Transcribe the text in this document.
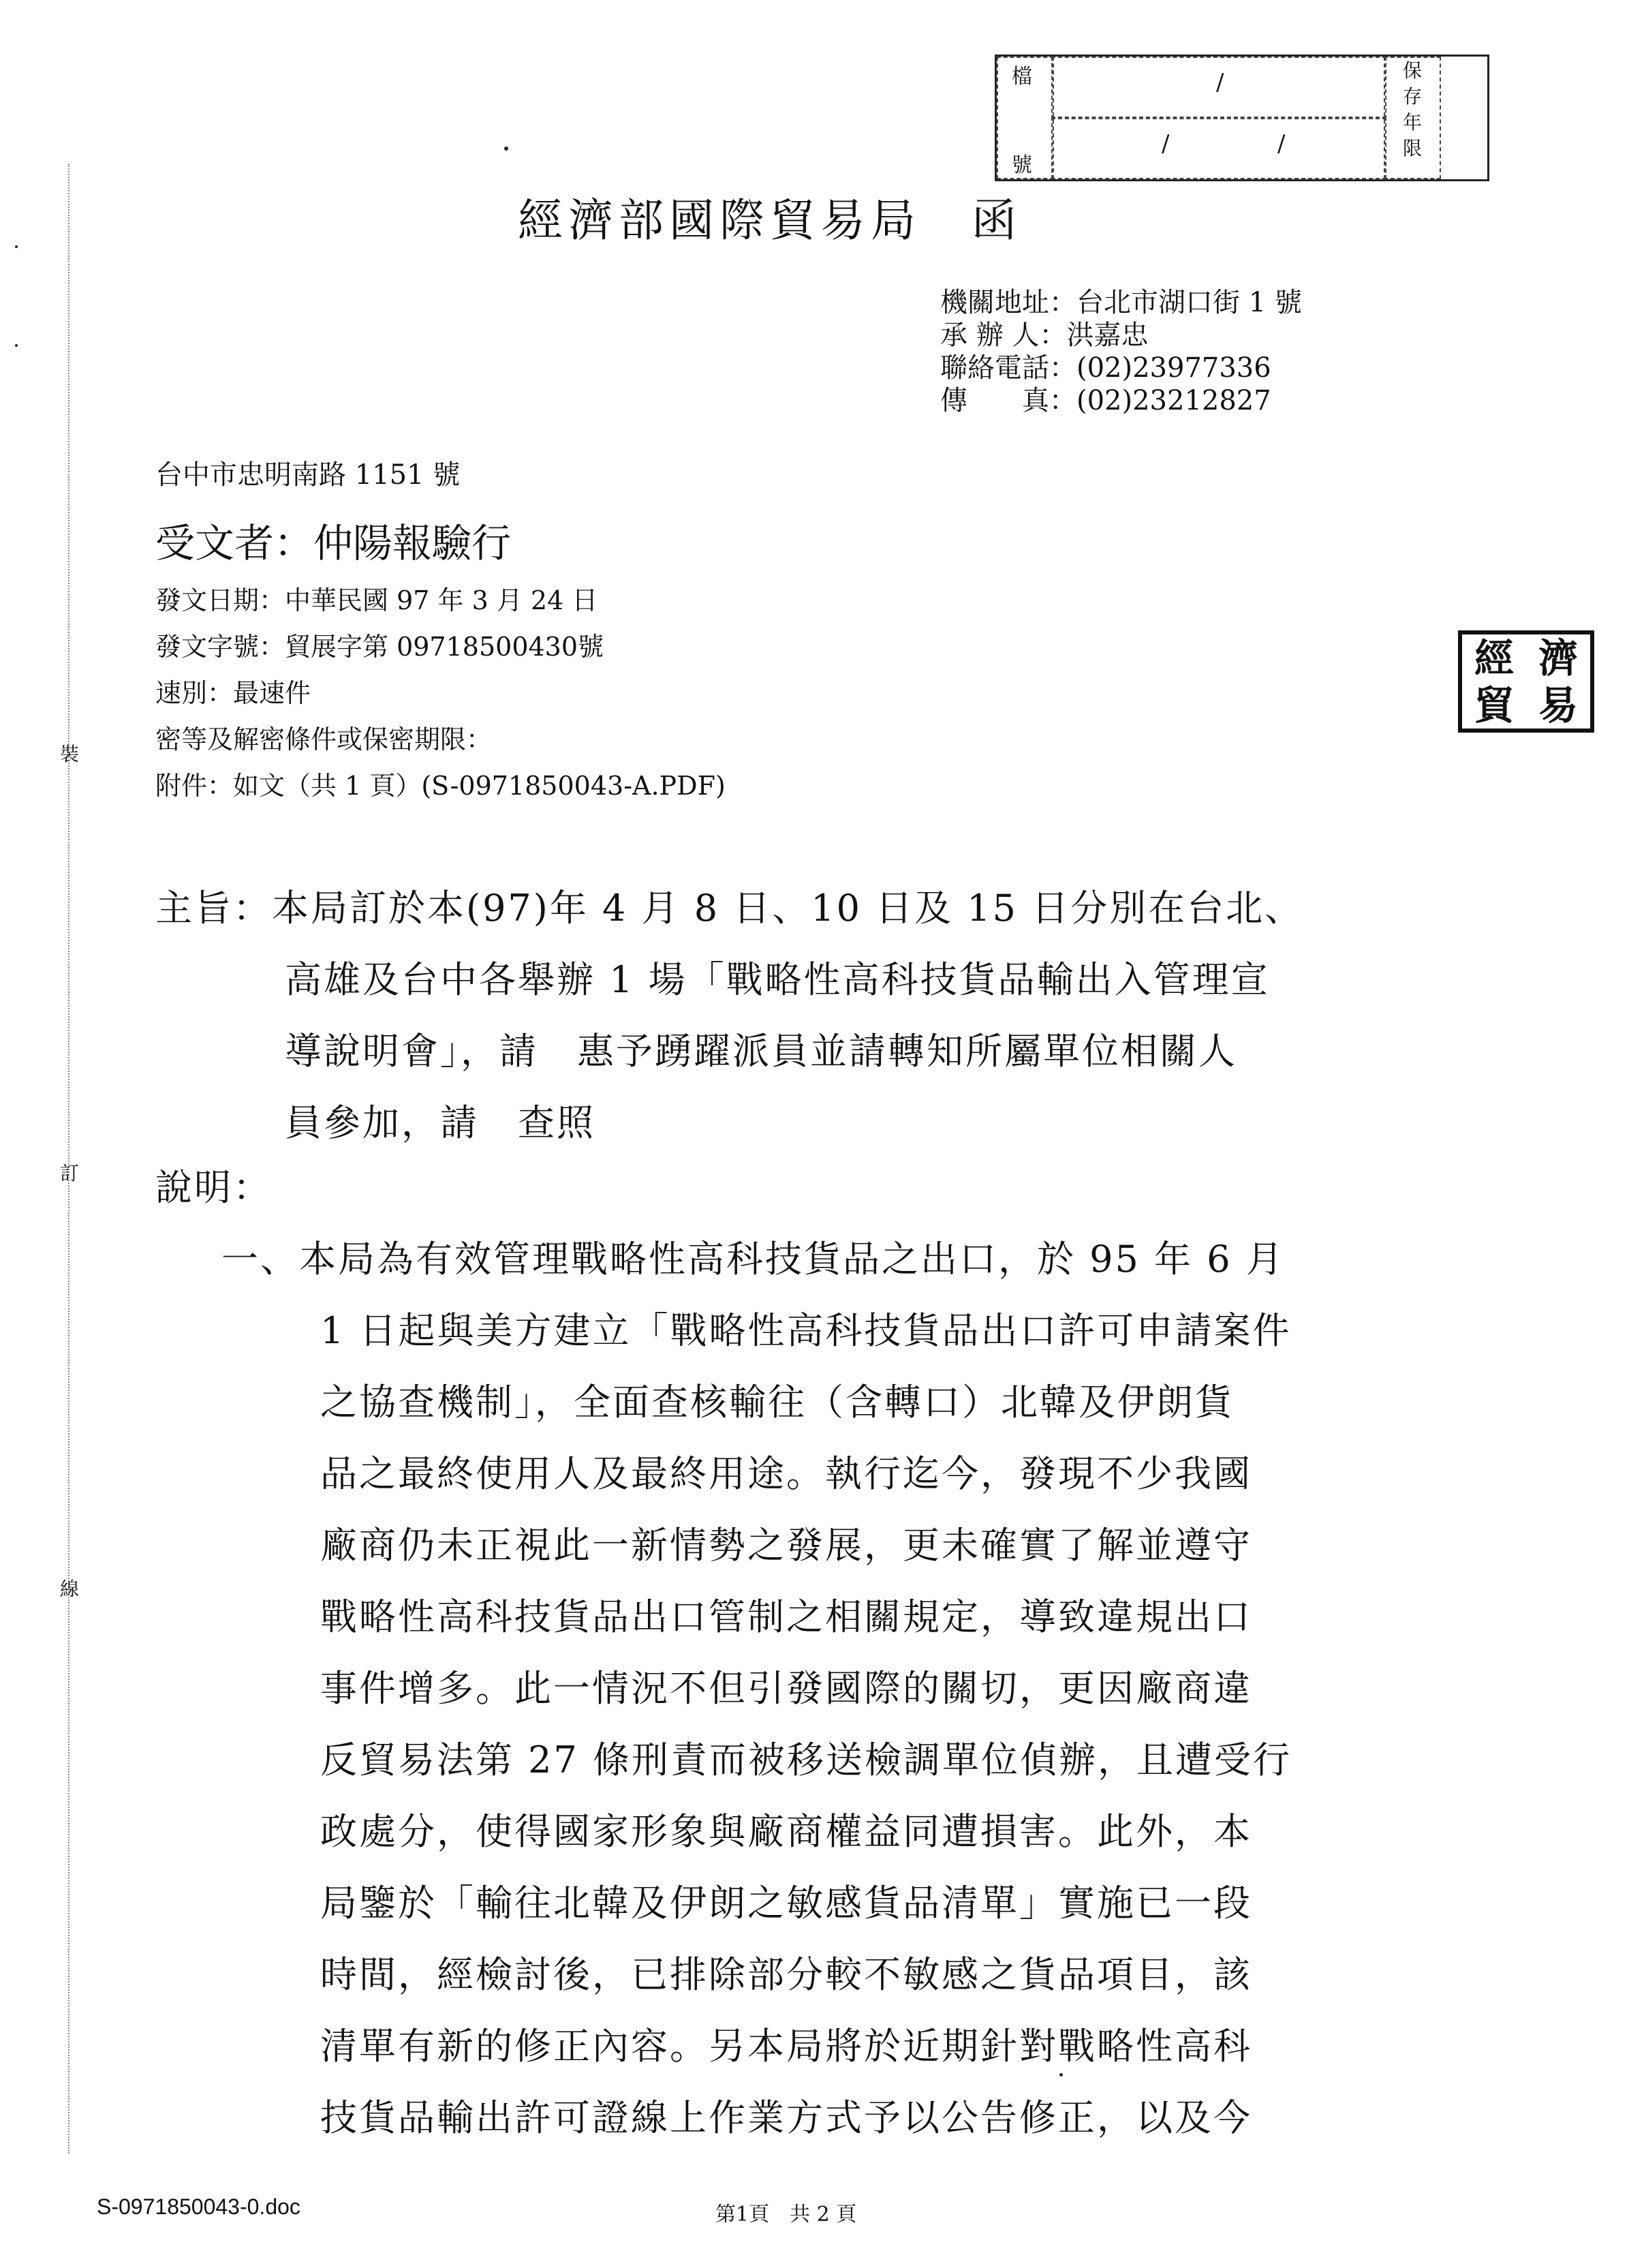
裝
訂
線
檔
號
/
/	/
保
存
年
限
經濟部國際貿易局　函
機關地址：台北市湖口街 1 號
承 辦 人：洪嘉忠
聯絡電話：(02)23977336
傳　　真：(02)23212827
台中市忠明南路 1151 號
受文者：仲陽報驗行
發文日期：中華民國 97 年 3 月 24 日
發文字號：貿展字第 09718500430號
速別：最速件
密等及解密條件或保密期限：
附件：如文（共 1 頁）(S-0971850043-A.PDF)
經 濟
貿 易
主旨：本局訂於本(97)年 4 月 8 日、10 日及 15 日分別在台北、
高雄及台中各舉辦 1 場「戰略性高科技貨品輸出入管理宣
導說明會」，請　惠予踴躍派員並請轉知所屬單位相關人
員參加，請　查照
說明：
一、本局為有效管理戰略性高科技貨品之出口，於 95 年 6 月
1 日起與美方建立「戰略性高科技貨品出口許可申請案件
之協查機制」，全面查核輸往（含轉口）北韓及伊朗貨
品之最終使用人及最終用途。執行迄今，發現不少我國
廠商仍未正視此一新情勢之發展，更未確實了解並遵守
戰略性高科技貨品出口管制之相關規定，導致違規出口
事件增多。此一情況不但引發國際的關切，更因廠商違
反貿易法第 27 條刑責而被移送檢調單位偵辦，且遭受行
政處分，使得國家形象與廠商權益同遭損害。此外，本
局鑒於「輸往北韓及伊朗之敏感貨品清單」實施已一段
時間，經檢討後，已排除部分較不敏感之貨品項目，該
清單有新的修正內容。另本局將於近期針對戰略性高科
技貨品輸出許可證線上作業方式予以公告修正，以及今
S-0971850043-0.doc	第1頁　共 2 頁
